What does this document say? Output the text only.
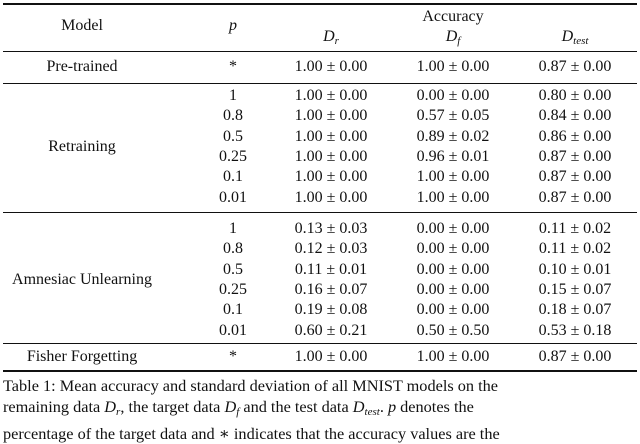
Model	p
Accuracy
$D_r$	$D_f$	$D_{test}$
Pre-trained	*	1.00 ± 0.00	1.00 ± 0.00	0.87 ± 0.00
Retraining
1	1.00 ± 0.00	0.00 ± 0.00	0.80 ± 0.00
0.8	1.00 ± 0.00	0.57 ± 0.05	0.84 ± 0.00
0.5	1.00 ± 0.00	0.89 ± 0.02	0.86 ± 0.00
0.25	1.00 ± 0.00	0.96 ± 0.01	0.87 ± 0.00
0.1	1.00 ± 0.00	1.00 ± 0.00	0.87 ± 0.00
0.01	1.00 ± 0.00	1.00 ± 0.00	0.87 ± 0.00
Amnesiac Unlearning
1	0.13 ± 0.03	0.00 ± 0.00	0.11 ± 0.02
0.8	0.12 ± 0.03	0.00 ± 0.00	0.11 ± 0.02
0.5	0.11 ± 0.01	0.00 ± 0.00	0.10 ± 0.01
0.25	0.16 ± 0.07	0.00 ± 0.00	0.15 ± 0.07
0.1	0.19 ± 0.08	0.00 ± 0.00	0.18 ± 0.07
0.01	0.60 ± 0.21	0.50 ± 0.50	0.53 ± 0.18
Fisher Forgetting	*	1.00 ± 0.00	1.00 ± 0.00	0.87 ± 0.00
Table 1: Mean accuracy and standard deviation of all MNIST models on the
remaining data $D_r$, the target data $D_f$ and the test data $D_{test}$. p denotes the
percentage of the target data and ∗ indicates that the accuracy values are the
